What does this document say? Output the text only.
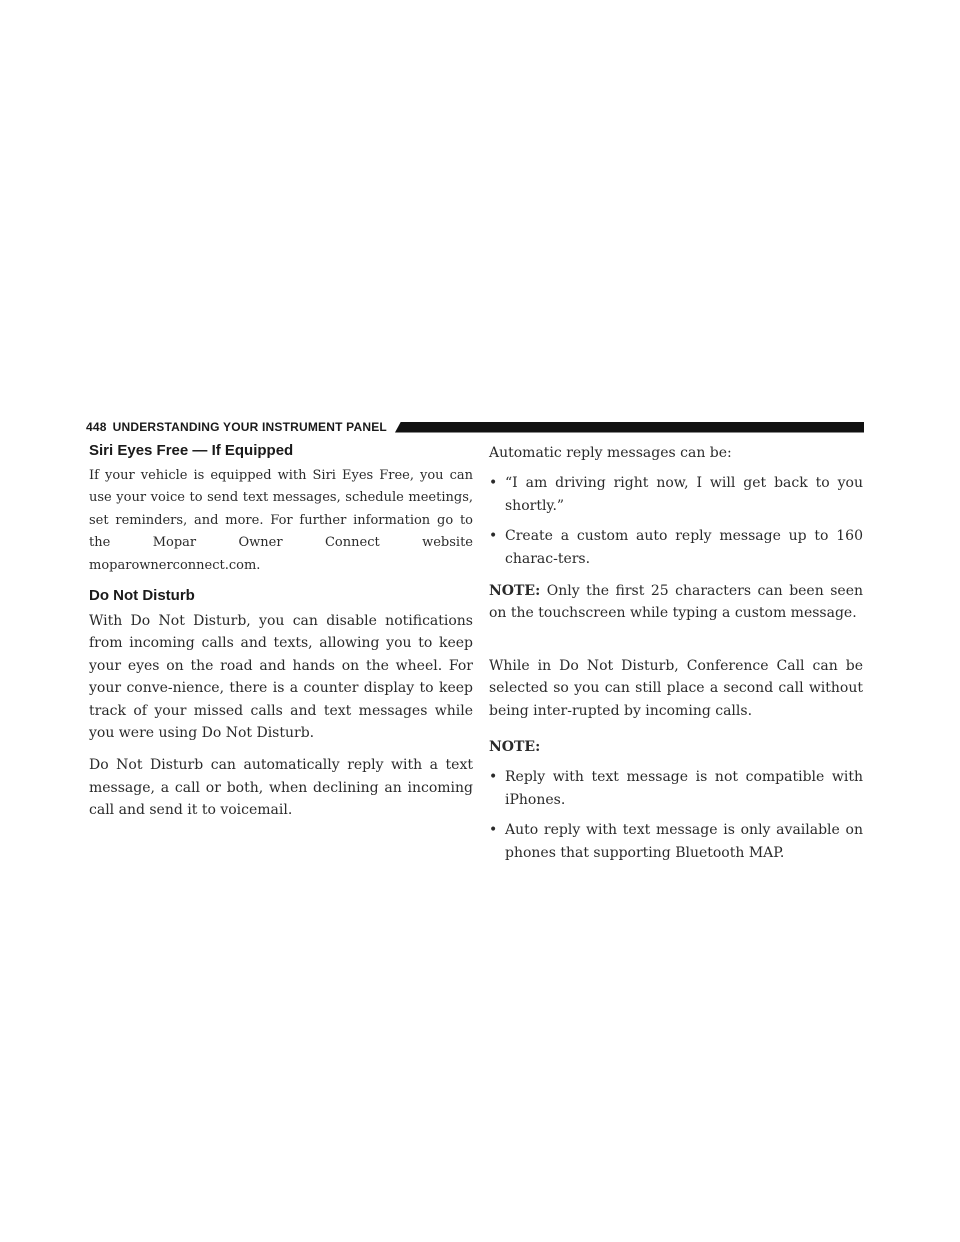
448 UNDERSTANDING YOUR INSTRUMENT PANEL
Siri Eyes Free — If Equipped

If your vehicle is equipped with Siri Eyes Free, you can use your voice to send text messages, schedule meetings, set reminders, and more. For further information go to the Mopar Owner Connect website moparownerconnect.com.

Do Not Disturb

With Do Not Disturb, you can disable notifications from incoming calls and texts, allowing you to keep your eyes on the road and hands on the wheel. For your conve-nience, there is a counter display to keep track of your missed calls and text messages while you were using Do Not Disturb.

Do Not Disturb can automatically reply with a text message, a call or both, when declining an incoming call and send it to voicemail.

Automatic reply messages can be:

• “I am driving right now, I will get back to you shortly.”
• Create a custom auto reply message up to 160 charac-ters.

NOTE: Only the first 25 characters can been seen on the touchscreen while typing a custom message.

While in Do Not Disturb, Conference Call can be selected so you can still place a second call without being inter-rupted by incoming calls.

NOTE:

• Reply with text message is not compatible with iPhones.
• Auto reply with text message is only available on phones that supporting Bluetooth MAP.
